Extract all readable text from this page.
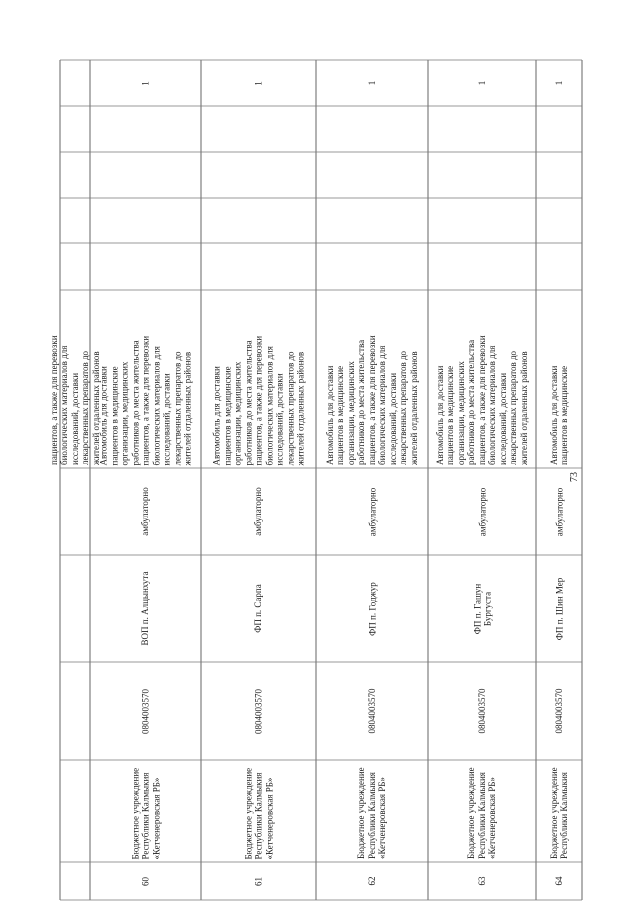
пациентов, а также для перевозки биологических материалов для исследований, доставки лекарственных препаратов до жителей отдаленных районов
60
Бюджетное учреждение Республики Калмыкия «Кетченеровская РБ»
0804003570
ВОП п. Алцынхута
амбулаторно
Автомобиль для доставки пациентов в медицинские организации, медицинских работников до места жительства пациентов, а также для перевозки биологических материалов для исследований, доставки лекарственных препаратов до жителей отдаленных районов
1
61
Бюджетное учреждение Республики Калмыкия «Кетченеровская РБ»
0804003570
ФП п. Сарпа
амбулаторно
Автомобиль для доставки пациентов в медицинские организации, медицинских работников до места жительства пациентов, а также для перевозки биологических материалов для исследований, доставки лекарственных препаратов до жителей отдаленных районов
1
62
Бюджетное учреждение Республики Калмыкия «Кетченеровская РБ»
0804003570
ФП п. Годжур
амбулаторно
Автомобиль для доставки пациентов в медицинские организации, медицинских работников до места жительства пациентов, а также для перевозки биологических материалов для исследований, доставки лекарственных препаратов до жителей отдаленных районов
1
63
Бюджетное учреждение Республики Калмыкия «Кетченеровская РБ»
0804003570
ФП п. Гашун Бургуста
амбулаторно
Автомобиль для доставки пациентов в медицинские организации, медицинских работников до места жительства пациентов, а также для перевозки биологических материалов для исследований, доставки лекарственных препаратов до жителей отдаленных районов
1
64
Бюджетное учреждение Республики Калмыкия
0804003570
ФП п. Шин Мер
амбулаторно
Автомобиль для доставки пациентов в медицинские
1
73
